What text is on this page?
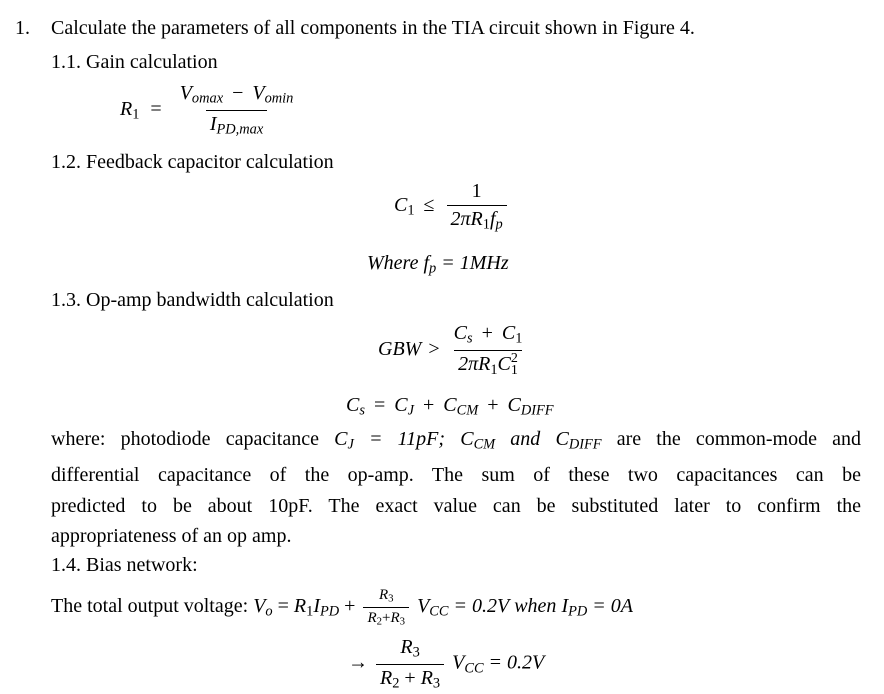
1. Calculate the parameters of all components in the TIA circuit shown in Figure 4.
1.1. Gain calculation
$R1 = \frac{V_{omax} - V_{omin}}{I_{PD,max}}$
1.2. Feedback capacitor calculation
$C1 \le \frac{1}{2\pi R1f_p}$
Where $f_p = 1MHz$
1.3. Op-amp bandwidth calculation
GBW > $C_s + C1$
2πR1C 2
1
$C_s = C_J + C_{CM} + C_{DIFF}$
where: photodiode capacitance $C_J = 11pF$; $C_{CM}$ and $C_{DIFF}$ are the common-mode and
differential capacitance of the op-amp. The sum of these two capacitances can be
predicted to be about 10pF. The exact value can be substituted later to confirm the
appropriateness of an op amp.
1.4. Bias network:
The total output voltage: $V_o = R1I_{PD} + \frac{R3}{R2+R3} V_{CC} = 0.2V$ when $I_{PD} = 0A$
→ $\frac{R3}{R2 + R3} V_{CC} = 0.2V$
